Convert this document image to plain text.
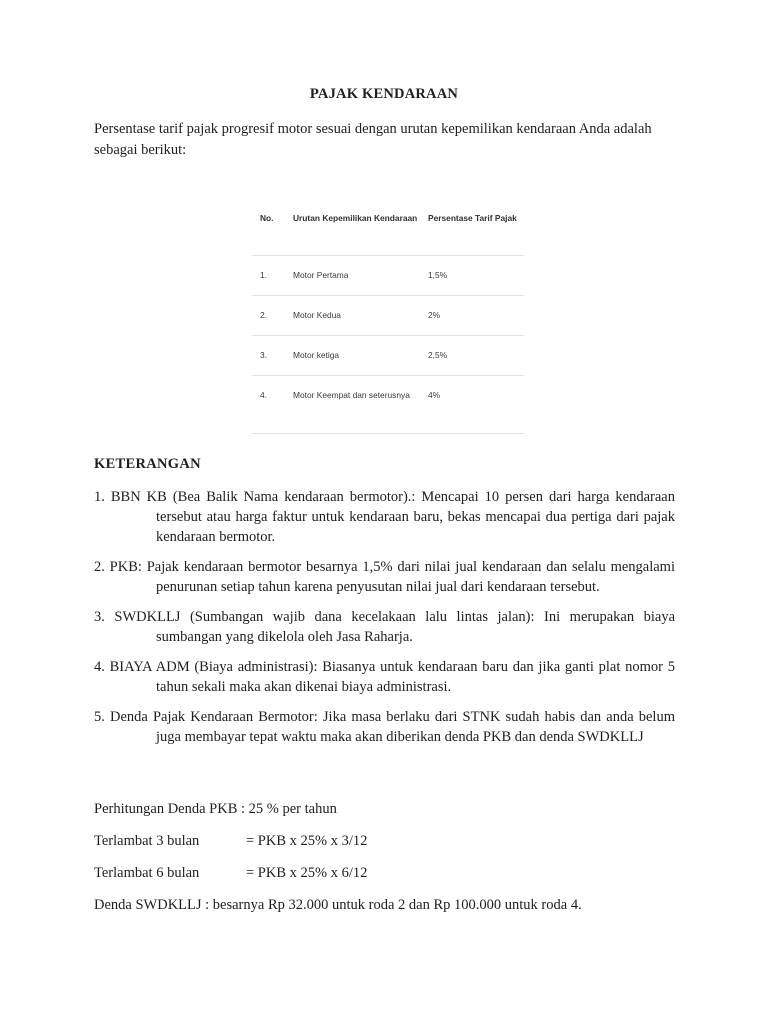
PAJAK KENDARAAN
Persentase tarif pajak progresif motor sesuai dengan urutan kepemilikan kendaraan Anda adalah sebagai berikut:
No.	Urutan Kepemilikan Kendaraan	Persentase Tarif Pajak
1.	Motor Pertama	1,5%
2.	Motor Kedua	2%
3.	Motor ketiga	2,5%
4.	Motor Keempat dan seterusnya	4%
KETERANGAN
1. BBN KB (Bea Balik Nama kendaraan bermotor).: Mencapai 10 persen dari harga kendaraan tersebut atau harga faktur untuk kendaraan baru, bekas mencapai dua pertiga dari pajak kendaraan bermotor.
2. PKB: Pajak kendaraan bermotor besarnya 1,5% dari nilai jual kendaraan dan selalu mengalami penurunan setiap tahun karena penyusutan nilai jual dari kendaraan tersebut.
3. SWDKLLJ (Sumbangan wajib dana kecelakaan lalu lintas jalan): Ini merupakan biaya sumbangan yang dikelola oleh Jasa Raharja.
4. BIAYA ADM (Biaya administrasi): Biasanya untuk kendaraan baru dan jika ganti plat nomor 5 tahun sekali maka akan dikenai biaya administrasi.
5. Denda Pajak Kendaraan Bermotor: Jika masa berlaku dari STNK sudah habis dan anda belum juga membayar tepat waktu maka akan diberikan denda PKB dan denda SWDKLLJ
Perhitungan Denda PKB : 25 % per tahun
Terlambat 3 bulan	= PKB x 25% x 3/12
Terlambat 6 bulan	= PKB x 25% x 6/12
Denda SWDKLLJ : besarnya Rp 32.000 untuk roda 2 dan Rp 100.000 untuk roda 4.
